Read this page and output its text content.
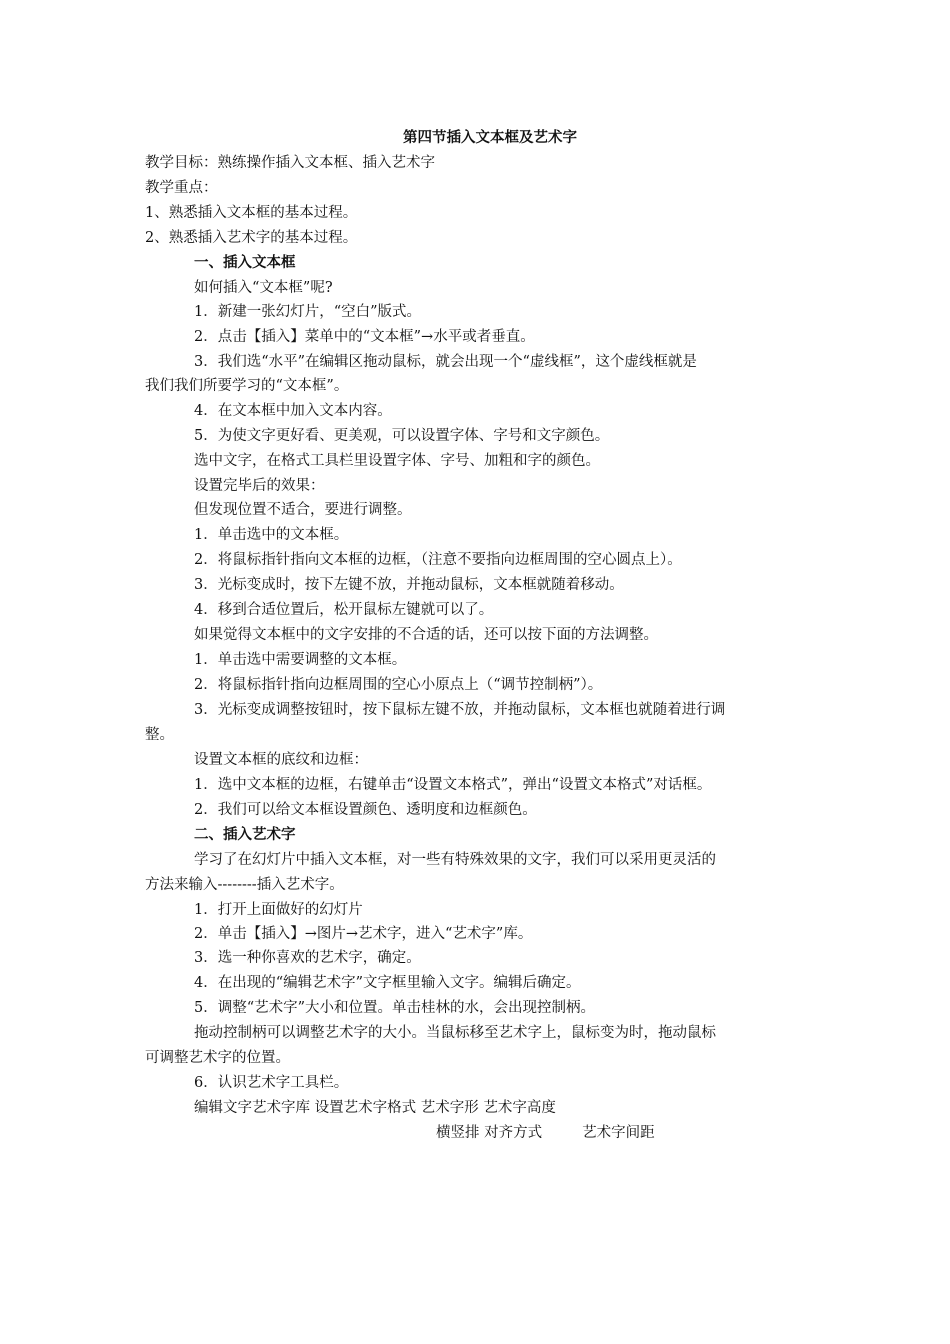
第四节插入文本框及艺术字
教学目标：熟练操作插入文本框、插入艺术字
教学重点：
1、熟悉插入文本框的基本过程。
2、熟悉插入艺术字的基本过程。
一、插入文本框
如何插入“文本框”呢?
1．新建一张幻灯片，“空白”版式。
2．点击【插入】菜单中的“文本框”→水平或者垂直。
3．我们选“水平”在编辑区拖动鼠标，就会出现一个“虚线框”，这个虚线框就是
我们我们所要学习的“文本框”。
4．在文本框中加入文本内容。
5．为使文字更好看、更美观，可以设置字体、字号和文字颜色。
选中文字，在格式工具栏里设置字体、字号、加粗和字的颜色。
设置完毕后的效果：
但发现位置不适合，要进行调整。
1．单击选中的文本框。
2．将鼠标指针指向文本框的边框，（注意不要指向边框周围的空心圆点上）。
3．光标变成时，按下左键不放，并拖动鼠标，文本框就随着移动。
4．移到合适位置后，松开鼠标左键就可以了。
如果觉得文本框中的文字安排的不合适的话，还可以按下面的方法调整。
1．单击选中需要调整的文本框。
2．将鼠标指针指向边框周围的空心小原点上（“调节控制柄”）。
3．光标变成调整按钮时，按下鼠标左键不放，并拖动鼠标，文本框也就随着进行调
整。
设置文本框的底纹和边框：
1．选中文本框的边框，右键单击“设置文本格式”，弹出“设置文本格式”对话框。
2．我们可以给文本框设置颜色、透明度和边框颜色。
二、插入艺术字
学习了在幻灯片中插入文本框，对一些有特殊效果的文字，我们可以采用更灵活的
方法来输入--------插入艺术字。
1．打开上面做好的幻灯片
2．单击【插入】→图片→艺术字，进入“艺术字”库。
3．选一种你喜欢的艺术字，确定。
4．在出现的“编辑艺术字”文字框里输入文字。编辑后确定。
5．调整“艺术字”大小和位置。单击桂林的水，会出现控制柄。
拖动控制柄可以调整艺术字的大小。当鼠标移至艺术字上，鼠标变为时，拖动鼠标
可调整艺术字的位置。
6．认识艺术字工具栏。
编辑文字艺术字库 设置艺术字格式 艺术字形 艺术字高度
横竖排 对齐方式	艺术字间距
